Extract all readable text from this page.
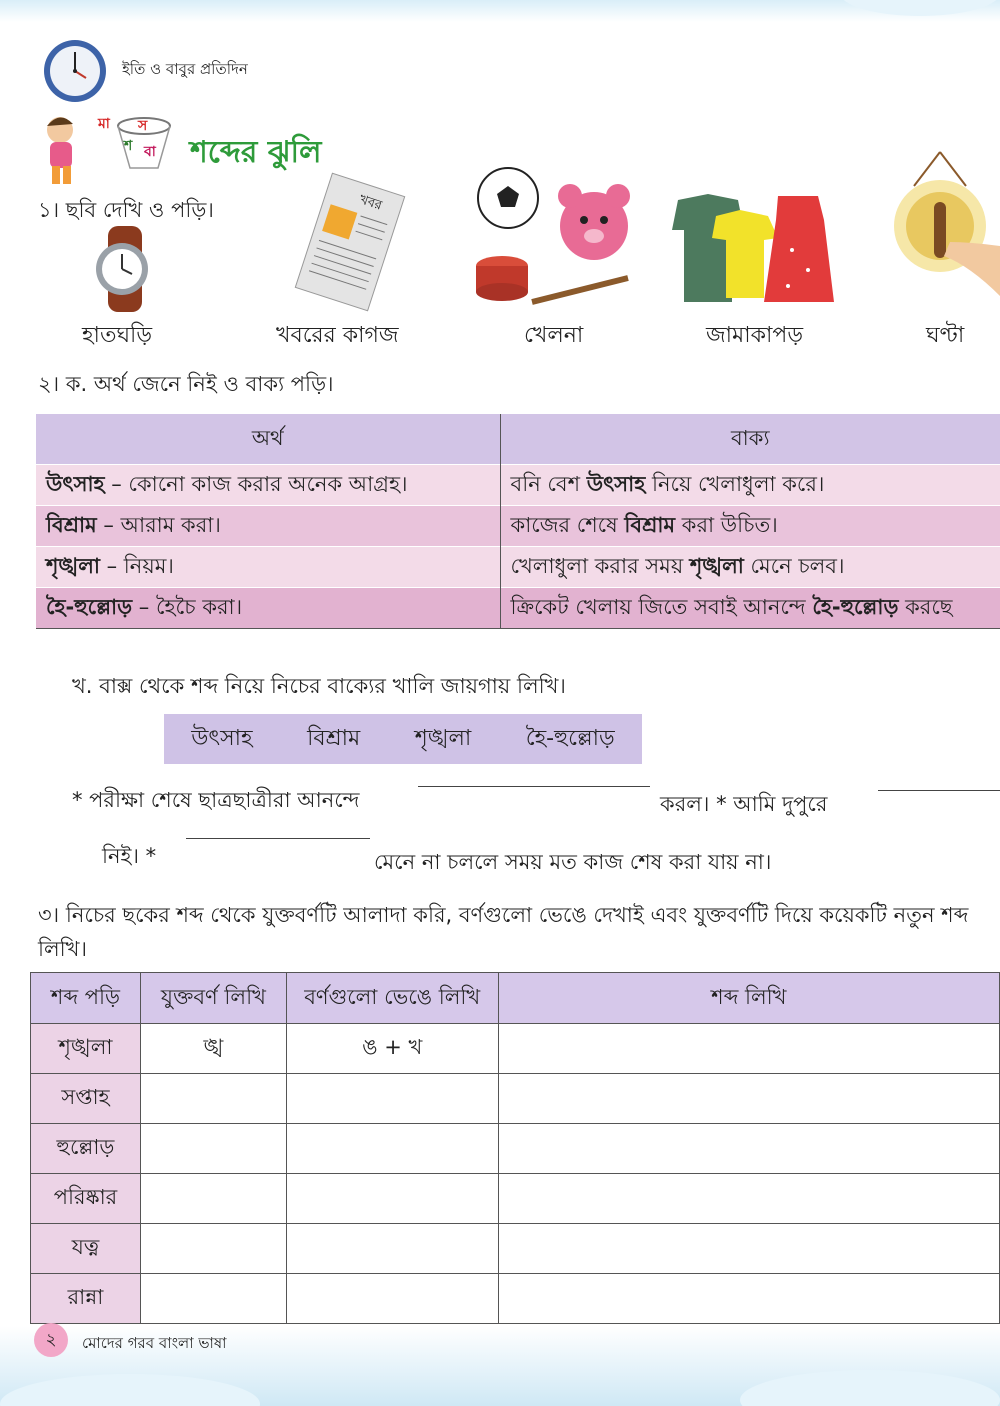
ইতি ও বাবুর প্রতিদিন
মা স
শ বা শব্দের ঝুলি
১। ছবি দেখি ও পড়ি।
হাতঘড়ি
খবর
খবরের কাগজ	খেলনা	জামাকাপড়	ঘণ্টা
২। ক. অর্থ জেনে নিই ও বাক্য পড়ি।
অর্থ	বাক্য
উৎসাহ – কোনো কাজ করার অনেক আগ্রহ।	বনি বেশ উৎসাহ নিয়ে খেলাধুলা করে।
বিশ্রাম – আরাম করা।	কাজের শেষে বিশ্রাম করা উচিত।
শৃঙ্খলা – নিয়ম।	খেলাধুলা করার সময় শৃঙ্খলা মেনে চলব।
হৈ-হুল্লোড় – হৈচৈ করা।	ক্রিকেট খেলায় জিতে সবাই আনন্দে হৈ-হুল্লোড় করছে
খ. বাক্স থেকে শব্দ নিয়ে নিচের বাক্যের খালি জায়গায় লিখি।
উৎসাহ বিশ্রাম শৃঙ্খলা হৈ-হুল্লোড়
* পরীক্ষা শেষে ছাত্রছাত্রীরা আনন্দে	করল। * আমি দুপুরে
নিই। *	মেনে না চললে সময় মত কাজ শেষ করা যায় না।
৩। নিচের ছকের শব্দ থেকে যুক্তবর্ণটি আলাদা করি, বর্ণগুলো ভেঙে দেখাই এবং যুক্তবর্ণটি দিয়ে কয়েকটি নতুন শব্দ লিখি।
শব্দ পড়ি	যুক্তবর্ণ লিখি	বর্ণগুলো ভেঙে লিখি	শব্দ লিখি
শৃঙ্খলা	ঙ্খ	ঙ + খ	
সপ্তাহ			
হুল্লোড়			
পরিষ্কার			
যত্ন			
রান্না			
২	মোদের গরব বাংলা ভাষা
